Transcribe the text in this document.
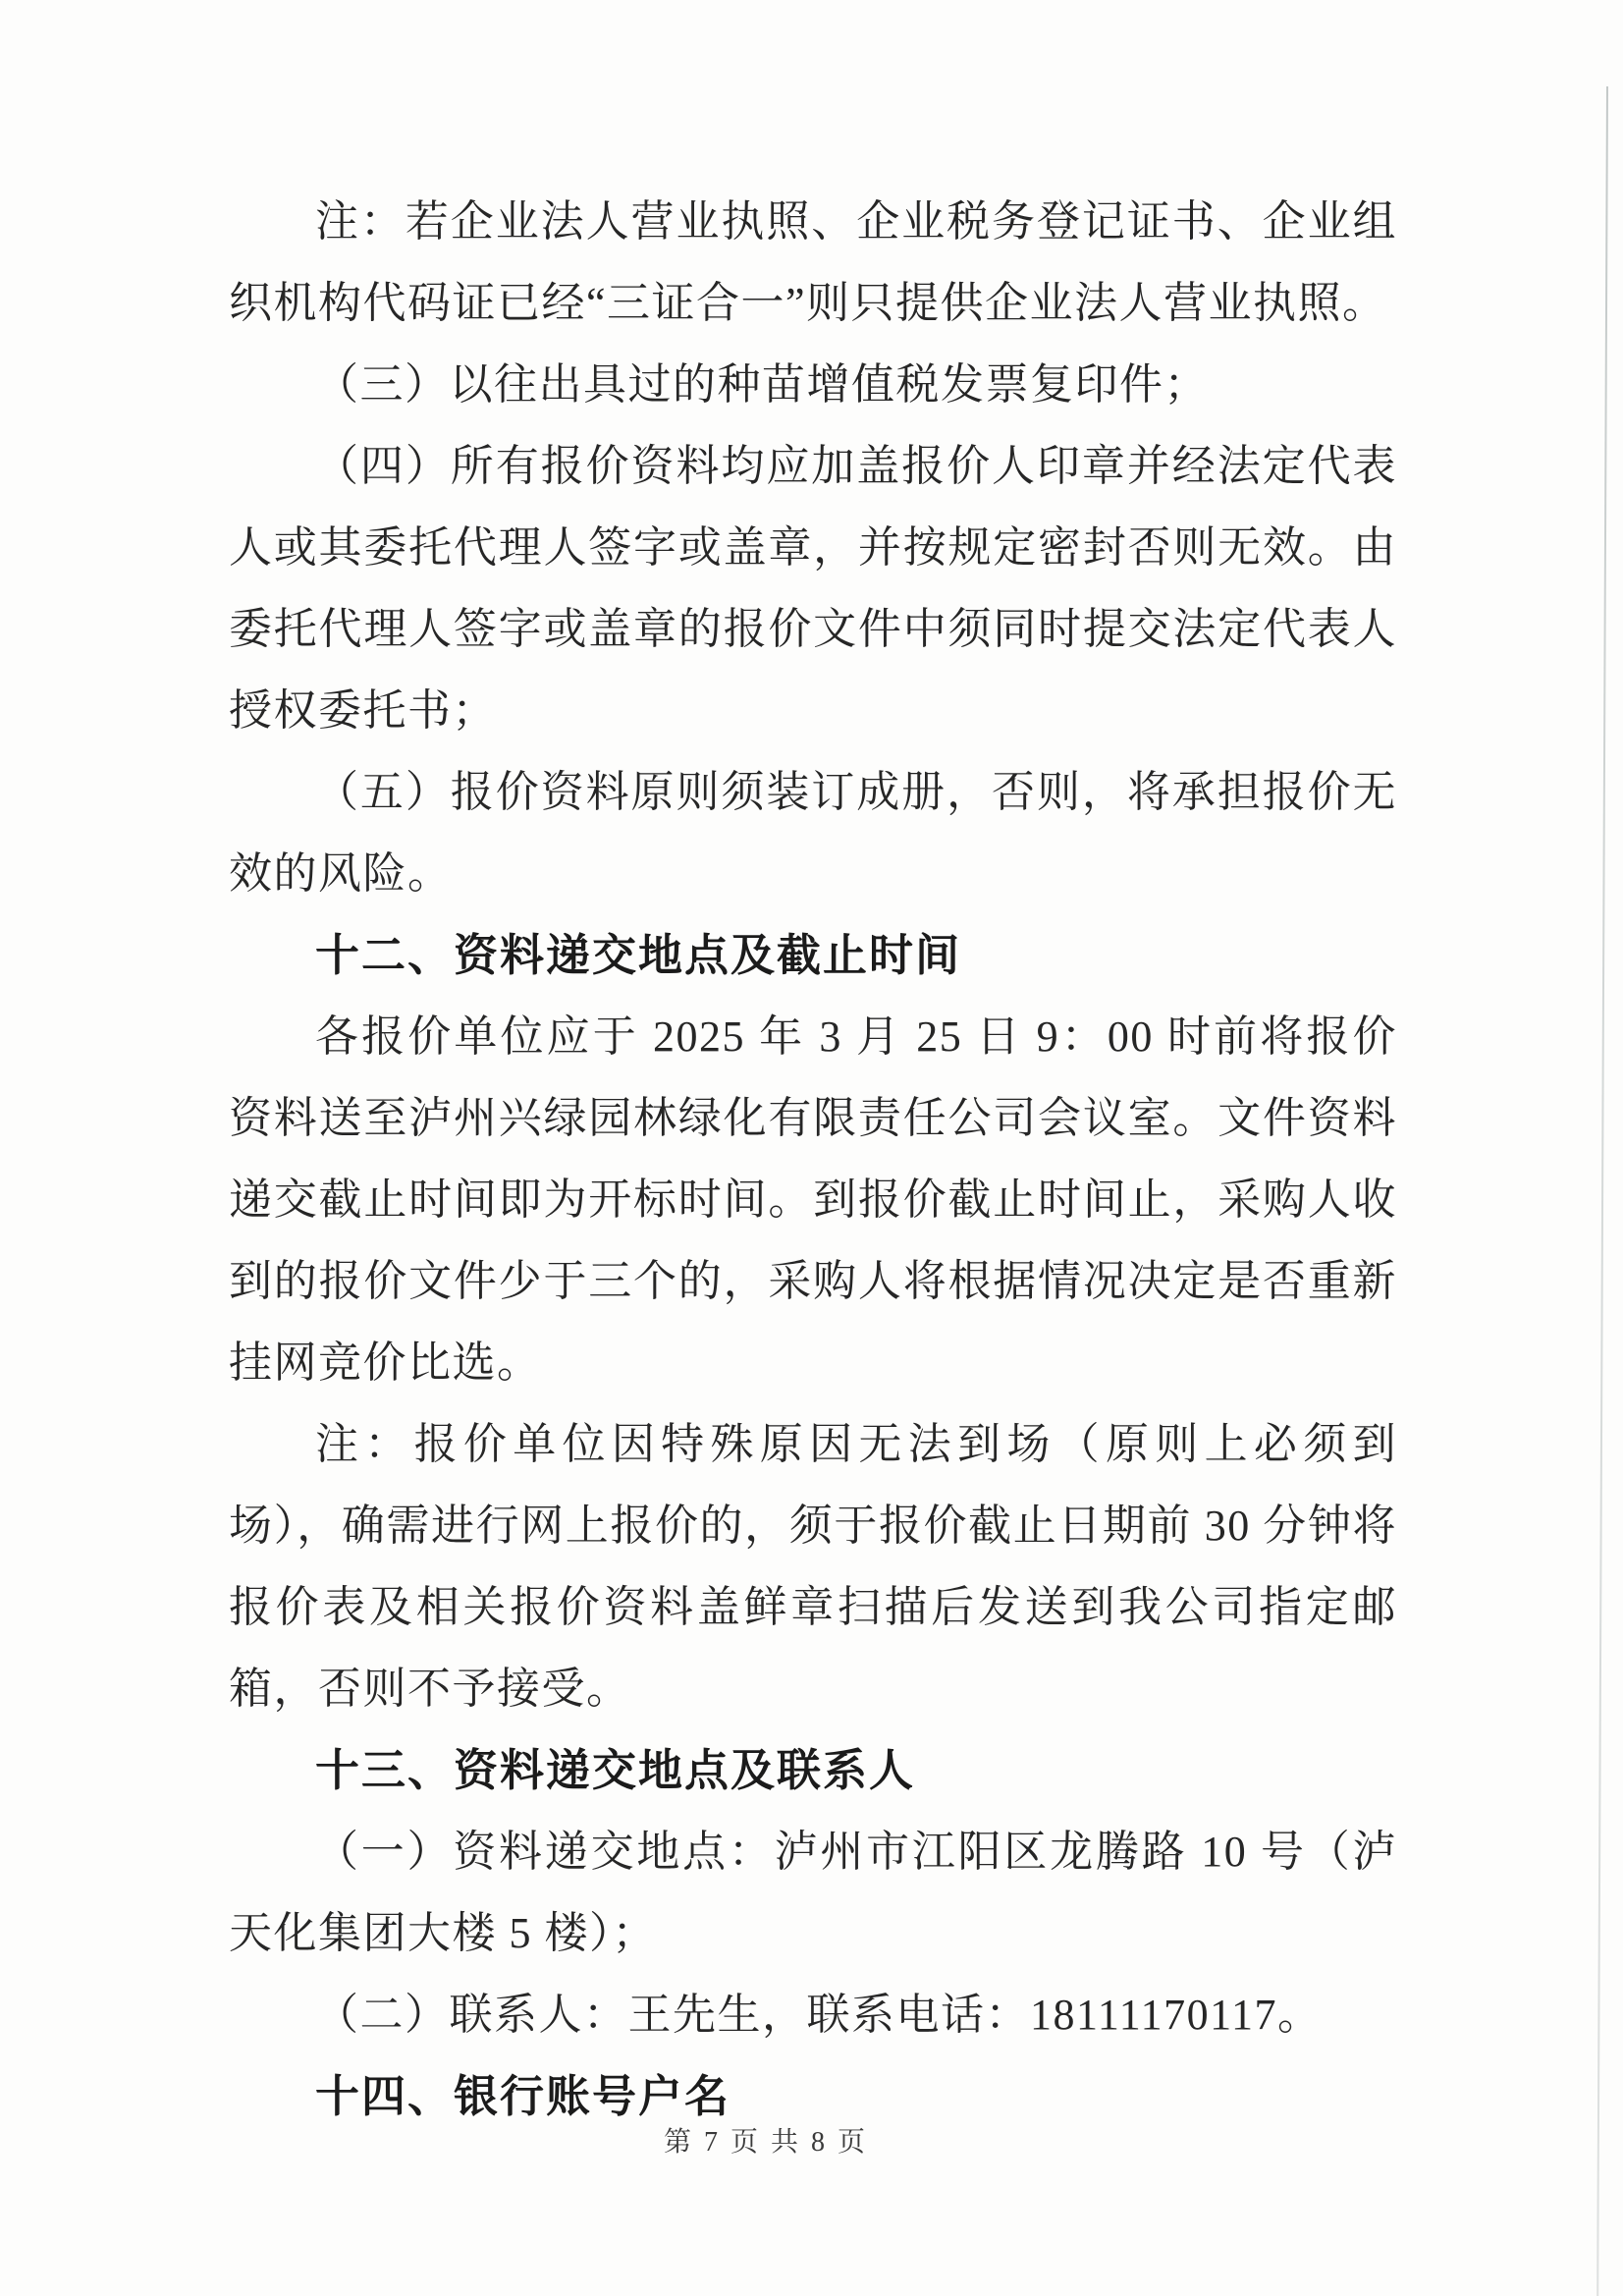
注：若企业法人营业执照、企业税务登记证书、企业组织机构代码证已经“三证合一”则只提供企业法人营业执照。

（三）以往出具过的种苗增值税发票复印件；

（四）所有报价资料均应加盖报价人印章并经法定代表人或其委托代理人签字或盖章，并按规定密封否则无效。由委托代理人签字或盖章的报价文件中须同时提交法定代表人授权委托书；

（五）报价资料原则须装订成册，否则，将承担报价无效的风险。

十二、资料递交地点及截止时间

各报价单位应于 2025 年 3 月 25 日 9：00 时前将报价资料送至泸州兴绿园林绿化有限责任公司会议室。文件资料递交截止时间即为开标时间。到报价截止时间止，采购人收到的报价文件少于三个的，采购人将根据情况决定是否重新挂网竞价比选。

注：报价单位因特殊原因无法到场（原则上必须到场），确需进行网上报价的，须于报价截止日期前 30 分钟将报价表及相关报价资料盖鲜章扫描后发送到我公司指定邮箱，否则不予接受。

十三、资料递交地点及联系人

（一）资料递交地点：泸州市江阳区龙腾路 10 号（泸天化集团大楼 5 楼）；

（二）联系人：王先生，联系电话：18111170117。

十四、银行账号户名
第 7 页 共 8 页
